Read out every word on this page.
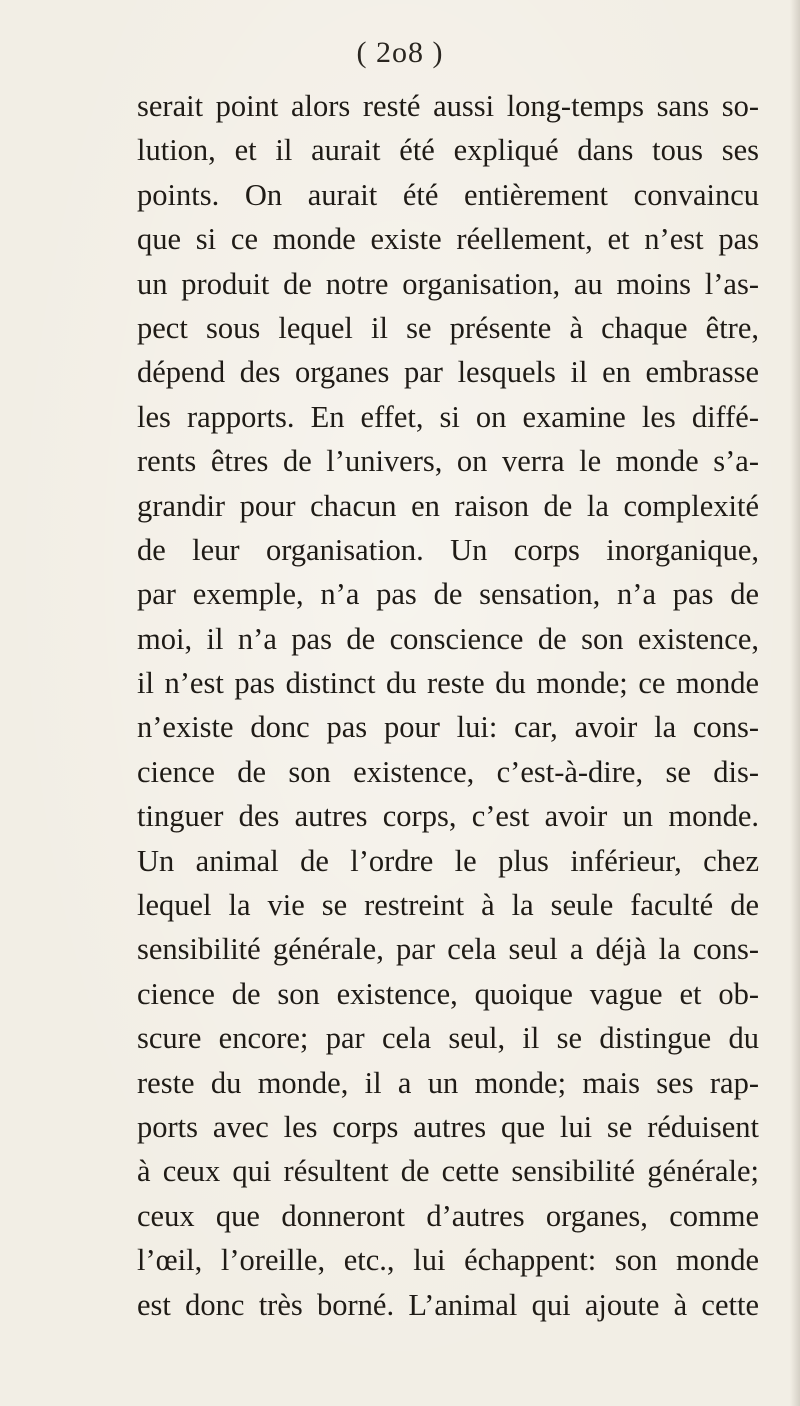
( 2o8 )
serait point alors resté aussi long-temps sans so-
lution, et il aurait été expliqué dans tous ses
points. On aurait été entièrement convaincu
que si ce monde existe réellement, et n’est pas
un produit de notre organisation, au moins l’as-
pect sous lequel il se présente à chaque être,
dépend des organes par lesquels il en embrasse
les rapports. En effet, si on examine les diffé-
rents êtres de l’univers, on verra le monde s’a-
grandir pour chacun en raison de la complexité
de leur organisation. Un corps inorganique,
par exemple, n’a pas de sensation, n’a pas de
moi, il n’a pas de conscience de son existence,
il n’est pas distinct du reste du monde; ce monde
n’existe donc pas pour lui: car, avoir la cons-
cience de son existence, c’est-à-dire, se dis-
tinguer des autres corps, c’est avoir un monde.
Un animal de l’ordre le plus inférieur, chez
lequel la vie se restreint à la seule faculté de
sensibilité générale, par cela seul a déjà la cons-
cience de son existence, quoique vague et ob-
scure encore; par cela seul, il se distingue du
reste du monde, il a un monde; mais ses rap-
ports avec les corps autres que lui se réduisent
à ceux qui résultent de cette sensibilité générale;
ceux que donneront d’autres organes, comme
l’œil, l’oreille, etc., lui échappent: son monde
est donc très borné. L’animal qui ajoute à cette
